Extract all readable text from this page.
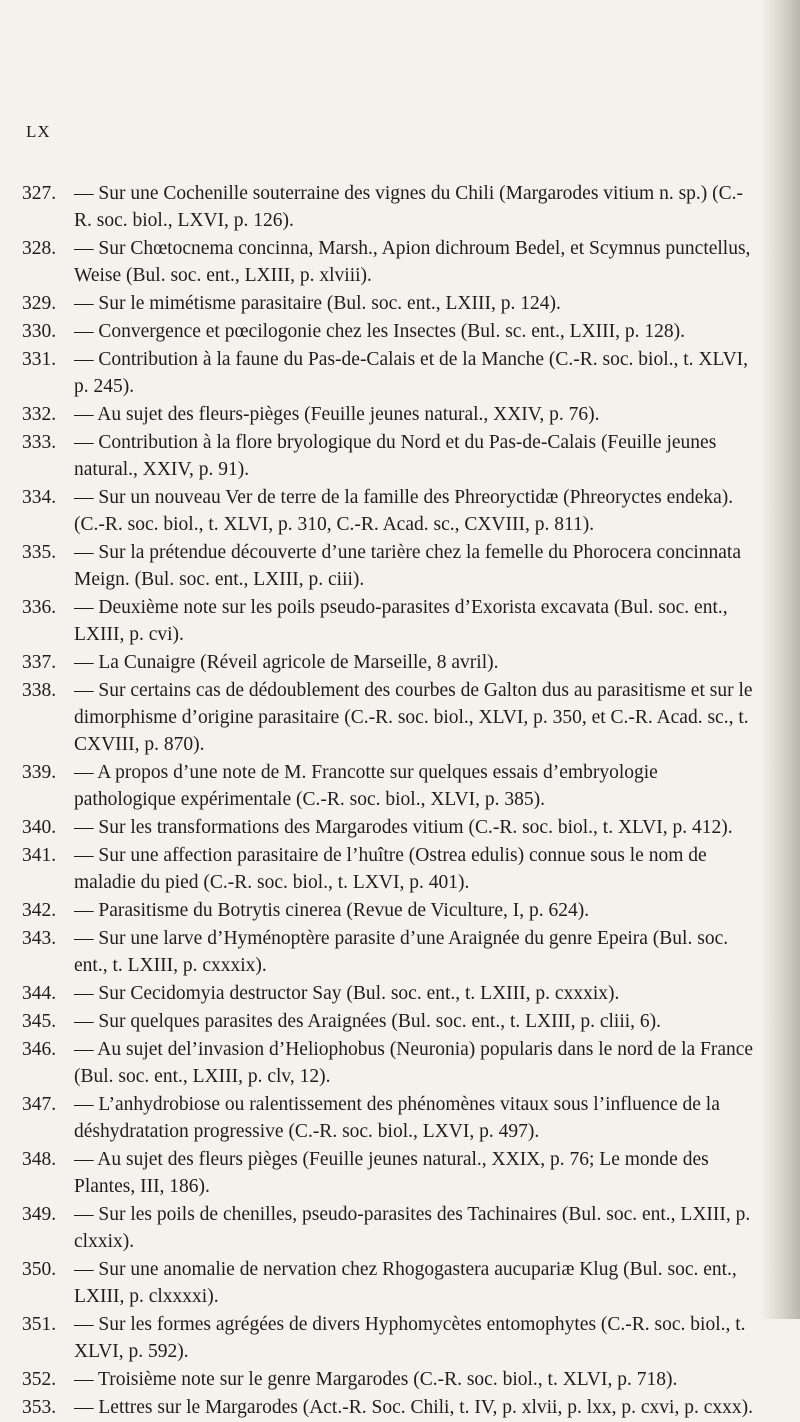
LX
327. — Sur une Cochenille souterraine des vignes du Chili (Margarodes vitium n. sp.) (C.-R. soc. biol., LXVI, p. 126).
328. — Sur Chœtocnema concinna, Marsh., Apion dichroum Bedel, et Scymnus punctellus, Weise (Bul. soc. ent., LXIII, p. xlviii).
329. — Sur le mimétisme parasitaire (Bul. soc. ent., LXIII, p. 124).
330. — Convergence et pœcilogonie chez les Insectes (Bul. sc. ent., LXIII, p. 128).
331. — Contribution à la faune du Pas-de-Calais et de la Manche (C.-R. soc. biol., t. XLVI, p. 245).
332. — Au sujet des fleurs-pièges (Feuille jeunes natural., XXIV, p. 76).
333. — Contribution à la flore bryologique du Nord et du Pas-de-Calais (Feuille jeunes natural., XXIV, p. 91).
334. — Sur un nouveau Ver de terre de la famille des Phreoryctidæ (Phreoryctes endeka). (C.-R. soc. biol., t. XLVI, p. 310, C.-R. Acad. sc., CXVIII, p. 811).
335. — Sur la prétendue découverte d’une tarière chez la femelle du Phorocera concinnata Meign. (Bul. soc. ent., LXIII, p. ciii).
336. — Deuxième note sur les poils pseudo-parasites d’Exorista excavata (Bul. soc. ent., LXIII, p. cvi).
337. — La Cunaigre (Réveil agricole de Marseille, 8 avril).
338. — Sur certains cas de dédoublement des courbes de Galton dus au parasitisme et sur le dimorphisme d’origine parasitaire (C.-R. soc. biol., XLVI, p. 350, et C.-R. Acad. sc., t. CXVIII, p. 870).
339. — A propos d’une note de M. Francotte sur quelques essais d’embryologie pathologique expérimentale (C.-R. soc. biol., XLVI, p. 385).
340. — Sur les transformations des Margarodes vitium (C.-R. soc. biol., t. XLVI, p. 412).
341. — Sur une affection parasitaire de l’huître (Ostrea edulis) connue sous le nom de maladie du pied (C.-R. soc. biol., t. LXVI, p. 401).
342. — Parasitisme du Botrytis cinerea (Revue de Viculture, I, p. 624).
343. — Sur une larve d’Hyménoptère parasite d’une Araignée du genre Epeira (Bul. soc. ent., t. LXIII, p. cxxxix).
344. — Sur Cecidomyia destructor Say (Bul. soc. ent., t. LXIII, p. cxxxix).
345. — Sur quelques parasites des Araignées (Bul. soc. ent., t. LXIII, p. cliii, 6).
346. — Au sujet del’invasion d’Heliophobus (Neuronia) popularis dans le nord de la France (Bul. soc. ent., LXIII, p. clv, 12).
347. — L’anhydrobiose ou ralentissement des phénomènes vitaux sous l’influence de la déshydratation progressive (C.-R. soc. biol., LXVI, p. 497).
348. — Au sujet des fleurs pièges (Feuille jeunes natural., XXIX, p. 76; Le monde des Plantes, III, 186).
349. — Sur les poils de chenilles, pseudo-parasites des Tachinaires (Bul. soc. ent., LXIII, p. clxxix).
350. — Sur une anomalie de nervation chez Rhogogastera aucupariæ Klug (Bul. soc. ent., LXIII, p. clxxxxi).
351. — Sur les formes agrégées de divers Hyphomycètes entomophytes (C.-R. soc. biol., t. XLVI, p. 592).
352. — Troisième note sur le genre Margarodes (C.-R. soc. biol., t. XLVI, p. 718).
353. — Lettres sur le Margarodes (Act.-R. Soc. Chili, t. IV, p. xlvii, p. lxx, p. cxvi, p. cxxx).
